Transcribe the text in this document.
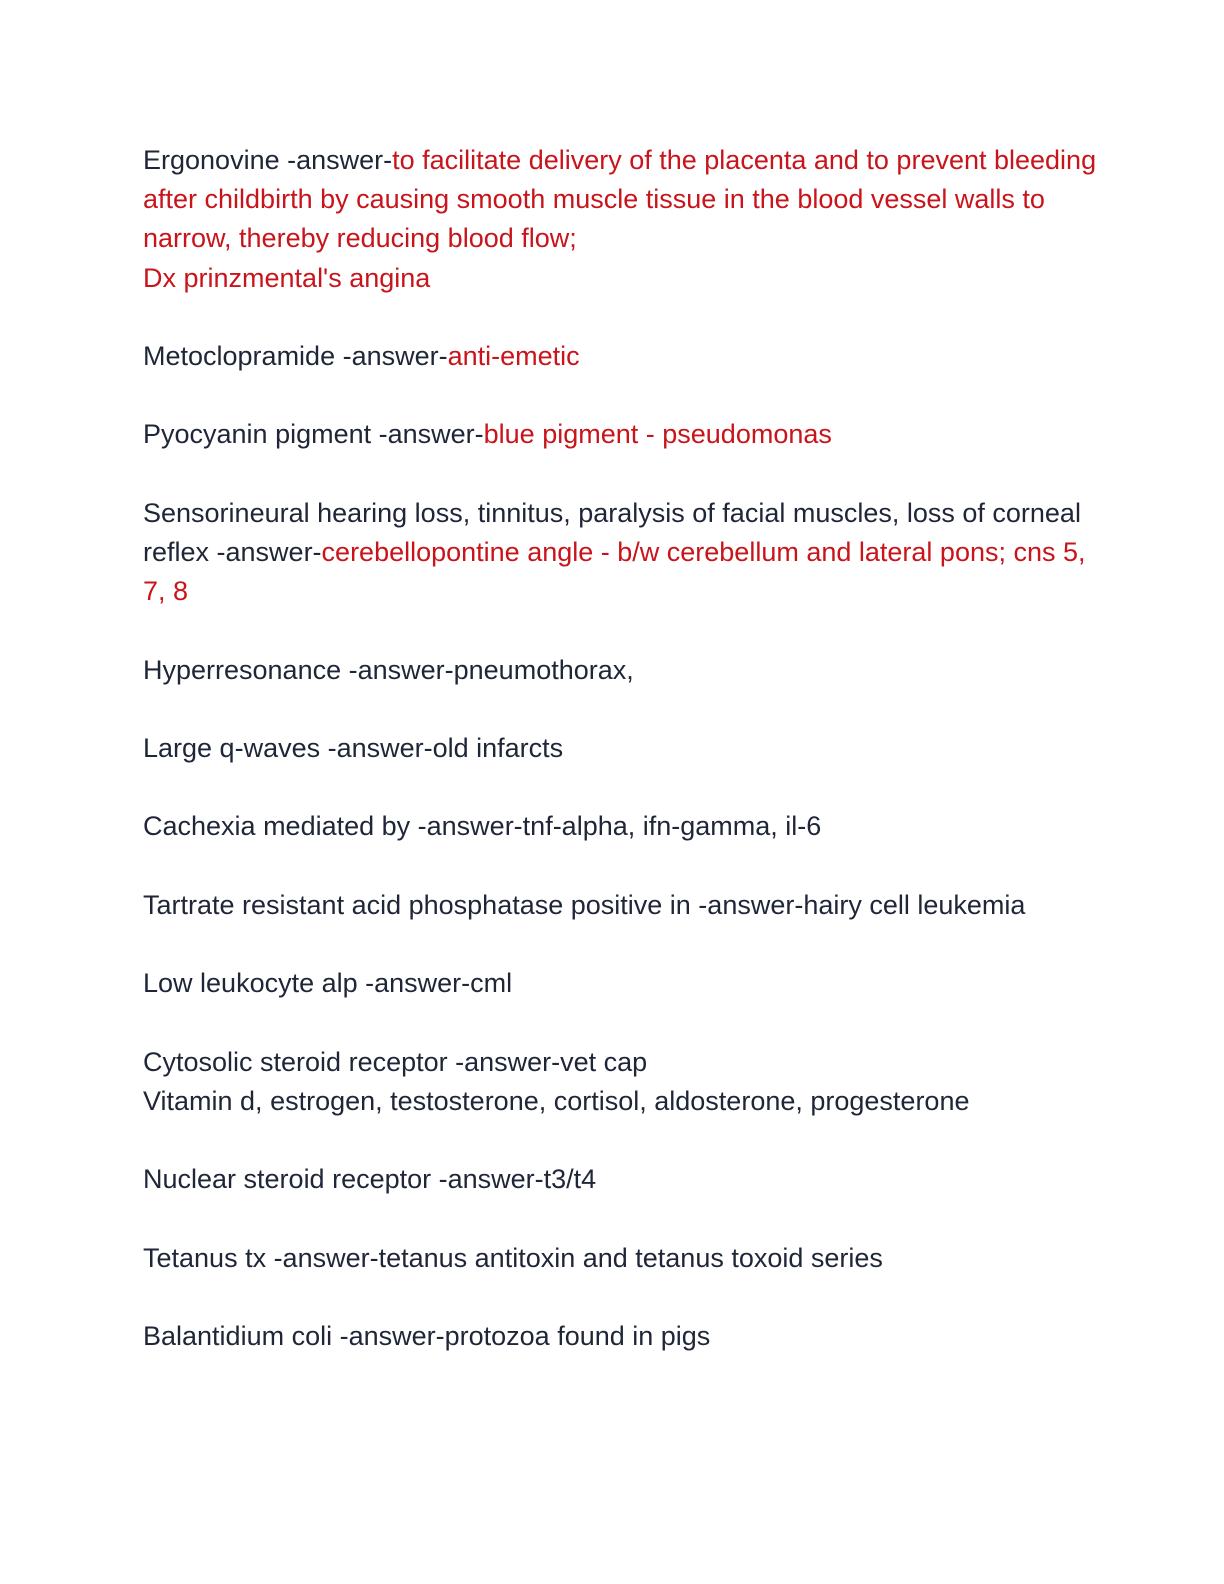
Ergonovine -answer-to facilitate delivery of the placenta and to prevent bleeding after childbirth by causing smooth muscle tissue in the blood vessel walls to narrow, thereby reducing blood flow;
Dx prinzmental's angina
Metoclopramide -answer-anti-emetic
Pyocyanin pigment -answer-blue pigment - pseudomonas
Sensorineural hearing loss, tinnitus, paralysis of facial muscles, loss of corneal reflex -answer-cerebellopontine angle - b/w cerebellum and lateral pons; cns 5, 7, 8
Hyperresonance -answer-pneumothorax,
Large q-waves -answer-old infarcts
Cachexia mediated by -answer-tnf-alpha, ifn-gamma, il-6
Tartrate resistant acid phosphatase positive in -answer-hairy cell leukemia
Low leukocyte alp -answer-cml
Cytosolic steroid receptor -answer-vet cap
Vitamin d, estrogen, testosterone, cortisol, aldosterone, progesterone
Nuclear steroid receptor -answer-t3/t4
Tetanus tx -answer-tetanus antitoxin and tetanus toxoid series
Balantidium coli -answer-protozoa found in pigs
